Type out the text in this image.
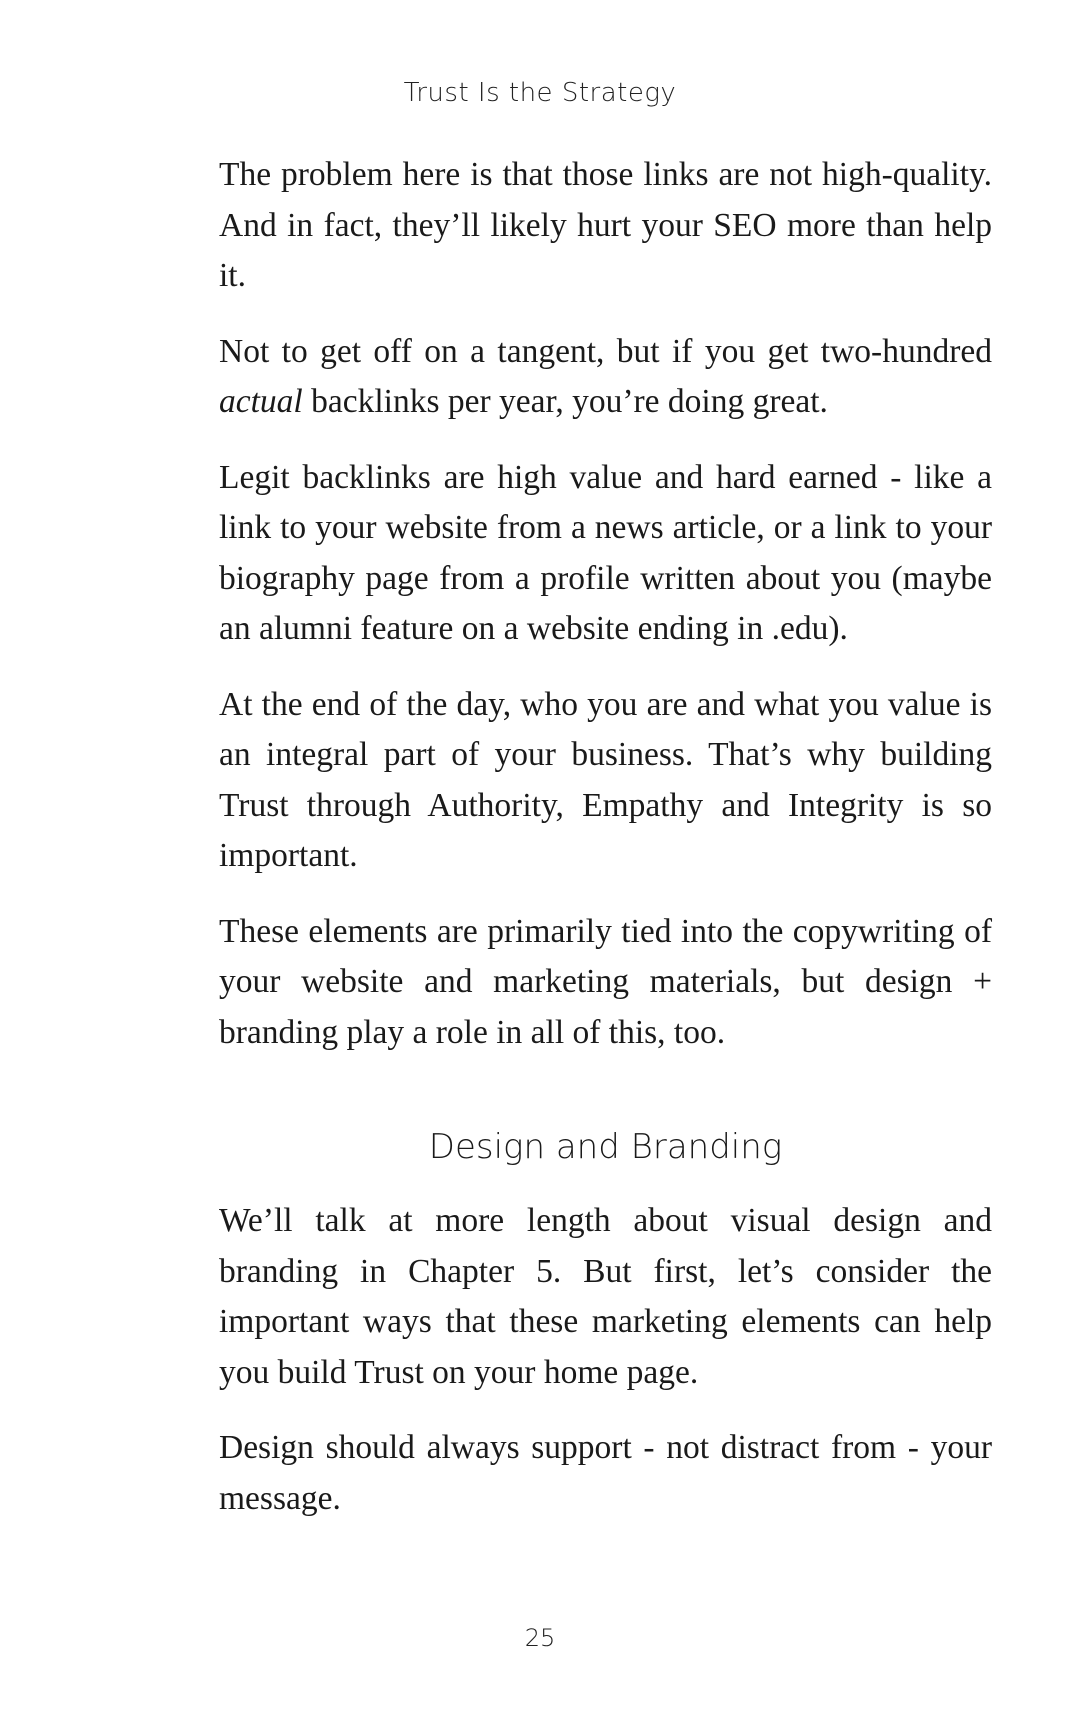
Trust Is the Strategy

The problem here is that those links are not high-quality. And in fact, they’ll likely hurt your SEO more than help it.

Not to get off on a tangent, but if you get two-hundred actual backlinks per year, you’re doing great.

Legit backlinks are high value and hard earned - like a link to your website from a news article, or a link to your biography page from a profile written about you (maybe an alumni feature on a website ending in .edu).

At the end of the day, who you are and what you value is an integral part of your business. That’s why building Trust through Authority, Empathy and Integrity is so important.

These elements are primarily tied into the copywriting of your website and marketing materials, but design + branding play a role in all of this, too.

Design and Branding

We’ll talk at more length about visual design and branding in Chapter 5. But first, let’s consider the important ways that these marketing elements can help you build Trust on your home page.

Design should always support - not distract from - your message.

25
